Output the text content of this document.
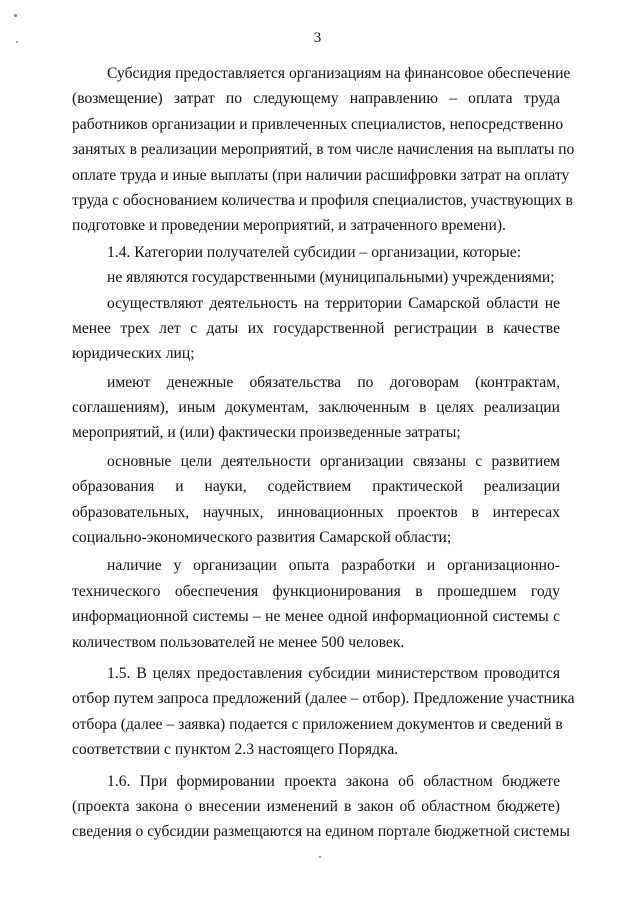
3
Субсидия предоставляется организациям на финансовое обеспечение
(возмещение) затрат по следующему направлению – оплата труда
работников организации и привлеченных специалистов, непосредственно
занятых в реализации мероприятий, в том числе начисления на выплаты по
оплате труда и иные выплаты (при наличии расшифровки затрат на оплату
труда с обоснованием количества и профиля специалистов, участвующих в
подготовке и проведении мероприятий, и затраченного времени).
1.4. Категории получателей субсидии – организации, которые:
не являются государственными (муниципальными) учреждениями;
осуществляют деятельность на территории Самарской области не
менее трех лет с даты их государственной регистрации в качестве
юридических лиц;
имеют денежные обязательства по договорам (контрактам,
соглашениям), иным документам, заключенным в целях реализации
мероприятий, и (или) фактически произведенные затраты;
основные цели деятельности организации связаны с развитием
образования и науки, содействием практической реализации
образовательных, научных, инновационных проектов в интересах
социально-экономического развития Самарской области;
наличие у организации опыта разработки и организационно-
технического обеспечения функционирования в прошедшем году
информационной системы – не менее одной информационной системы с
количеством пользователей не менее 500 человек.
1.5. В целях предоставления субсидии министерством проводится
отбор путем запроса предложений (далее – отбор). Предложение участника
отбора (далее – заявка) подается с приложением документов и сведений в
соответствии с пунктом 2.3 настоящего Порядка.
1.6. При формировании проекта закона об областном бюджете
(проекта закона о внесении изменений в закон об областном бюджете)
сведения о субсидии размещаются на едином портале бюджетной системы
